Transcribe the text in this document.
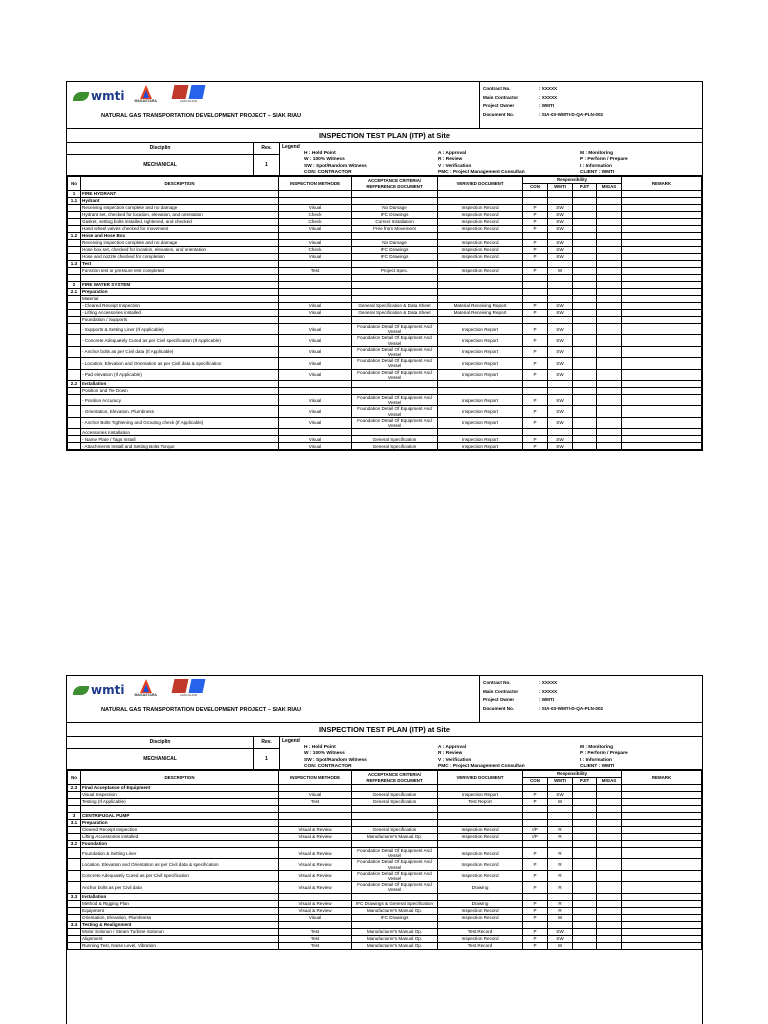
wmti	MAGASTARA	LIMA FAJAR
NATURAL GAS TRANSPORTATION DEVELOPMENT PROJECT – SIAK RIAU
Contract No.	: XXXXX
Main Contractor	: XXXXX
Project Owner	: WMTI
Document No.	: SIA-03-WMTI-D-QA-PLN-002
INSPECTION TEST PLAN (ITP) at Site
Disciplin
MECHANICAL
Rev.
1
Legend
H : Hold Point
W : 100% Witness
SW : Spot/Random Witness
CON: CONTRACTOR
A : Approval
R : Review
V : Verification
PMC : Project Management Consultan
M : Monitoring
P : Perform / Prepare
I : Information
CLIENT : WMTI
No	DESCRIPTION	INSPECTION METHODE	ACCEPTANCE CRITERIA/ REFFERENCE DOCUMENT	VERIVIED DOCUMENT	Responsibility				REMARK
					CON	WMTI	PJIT	MIGAS	
1	FIRE HYDRANT								
1.1	Hydrant								
	Receiving inspection complete and no damage	Visual	No Damage	Inspection Record	P	SW			
	Hydrant set, checked for location, elevation, and orientation	Check	IFC Drawings	Inspection Record	P	SW			
	Gasket, setting bolts installed, tightened, and checked	Check	Correct Installation	Inspection Record	P	SW			
	Hand wheel valves checked for movement	Visual	Free from Movement	Inspection Record	P	SW			
1.2	Hose and Hose Box								
	Receiving inspection complete and no damage	Visual	No Damage	Inspection Record	P	SW			
	Hose box set, checked for location, elevation, and orientation	Check	IFC Drawings	Inspection Record	P	SW			
	Hose and nozzle checked for completion	Visual	IFC Drawings	Inspection Record	P	SW			
1.3	Test								
	Function test or pressure test completed	Test	Project Spec.	Inspection Record	P	W			

2	FIRE WATER SYSTEM								
2.1	Preparation								
	Material								
	- Cleared Receipt Inspection	Visual	General Specification & Data Sheet	Material Receiving Report	P	SW			
	- Lifting Accessories installed	Visual	General Specification & Data Sheet	Material Receiving Report	P	SW			
	Foundation / Supports								
	- Supports & Setting Liner (If Applicable)	Visual	Foundation Detail Of Equipment And Vessel	Inspection Report	P	SW			
	- Concrete Adequately Cured as per Civil specification (If Applicable)	Visual	Foundation Detail Of Equipment And Vessel	Inspection Report	P	SW			
	- Anchor bolts as per Civil data (If Applicable)	Visual	Foundation Detail Of Equipment And Vessel	Inspection Report	P	SW			
	- Location, Elevation and Orientation as per Civil data & specification	Visual	Foundation Detail Of Equipment And Vessel	Inspection Report	P	SW			
	- Pad elevation (If Applicable)	Visual	Foundation Detail Of Equipment And Vessel	Inspection Report	P	SW			
2.2	Installation								
	Position and Tie Down								
	- Position Accuracy	Visual	Foundation Detail Of Equipment And Vessel	Inspection Report	P	SW			
	- Orientation, Elevation, Plumbness	Visual	Foundation Detail Of Equipment And Vessel	Inspection Report	P	SW			
	- Anchor Bolts Tightening and Grouting check (If Applicable)	Visual	Foundation Detail Of Equipment And Vessel	Inspection Report	P	SW			
	Accessories Installation								
	- Name Plate / Tags Install	Visual	General Specification	Inspection Report	P	SW			
	- Attachments Install and Setting Bolts Torque	Visual	General Specification	Inspection Report	P	SW			
wmti	MAGASTARA	LIMA FAJAR
NATURAL GAS TRANSPORTATION DEVELOPMENT PROJECT – SIAK RIAU
Contract No.	: XXXXX
Main Contractor	: XXXXX
Project Owner	: WMTI
Document No.	: SIA-03-WMTI-D-QA-PLN-002
INSPECTION TEST PLAN (ITP) at Site
Disciplin
MECHANICAL
Rev.
1
Legend
H : Hold Point
W : 100% Witness
SW : Spot/Random Witness
CON: CONTRACTOR
A : Approval
R : Review
V : Verification
PMC : Project Management Consultan
M : Monitoring
P : Perform / Prepare
I : Information
CLIENT : WMTI
No	DESCRIPTION	INSPECTION METHODE	ACCEPTANCE CRITERIA/ REFFERENCE DOCUMENT	VERIVIED DOCUMENT	Responsibility				REMARK
					CON	WMTI	PJIT	MIGAS	
2.3	Final Acceptance of Equipment								
	Visual Inspection	Visual	General Specification	Inspection Report	P	SW			
	Testing (If Applicable)	Test	General Specification	Test Report	P	W			

3	CENTRIFUGAL PUMP								
3.1	Preparation								
	Cleared Receipt Inspection	Visual & Review	General Specification	Inspection Record	I/P	R			
	Lifting Accessories installed	Visual & Review	Manufacturer's Manual Op.	Inspection Record	I/P	R			
3.2	Foundation								
	Foundation & Setting Liner	Visual & Review	Foundation Detail Of Equipment And Vessel	Inspection Record	P	R			
	Location, Elevation and Orientation as per Civil data & specification	Visual & Review	Foundation Detail Of Equipment And Vessel	Inspection Record	P	R			
	Concrete Adequately Cured as per Civil specification	Visual & Review	Foundation Detail Of Equipment And Vessel	Inspection Record	P	R			
	Anchor bolts as per Civil data	Visual & Review	Foundation Detail Of Equipment And Vessel	Drawing	P	R			
3.3	Installation								
	Method & Rigging Plan	Visual & Review	IFC Drawings & General Specification	Drawing	P	R			
	Equipment	Visual & Review	Manufacturer's Manual Op.	Inspection Record	P	R			
	Orientation, Elevation, Plumbness	Visual	IFC Drawings	Inspection Record	P	W			
3.4	Testing & Realignment								
	Motor Solonun / Steam Turbine Solonun	Test	Manufacturer's Manual Op.	Test Record	P	SW			
	Alignment	Test	Manufacturer's Manual Op.	Inspection Record	P	SW			
	Running Test, Noise Level, Vibration	Test	Manufacturer's Manual Op.	Test Record	P	W			
